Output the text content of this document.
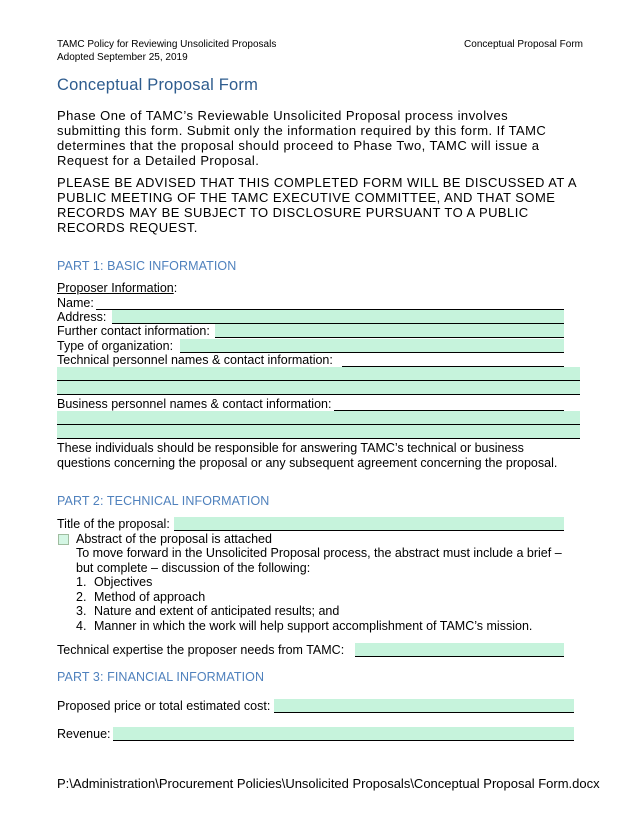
TAMC Policy for Reviewing Unsolicited Proposals
Adopted September 25, 2019
Conceptual Proposal Form
Conceptual Proposal Form
Phase One of TAMC’s Reviewable Unsolicited Proposal process involves submitting this form. Submit only the information required by this form. If TAMC determines that the proposal should proceed to Phase Two, TAMC will issue a Request for a Detailed Proposal.
PLEASE BE ADVISED THAT THIS COMPLETED FORM WILL BE DISCUSSED AT A PUBLIC MEETING OF THE TAMC EXECUTIVE COMMITTEE, AND THAT SOME RECORDS MAY BE SUBJECT TO DISCLOSURE PURSUANT TO A PUBLIC RECORDS REQUEST.
PART 1: BASIC INFORMATION
Proposer Information:
Name:
Address:
Further contact information:
Type of organization:
Technical personnel names & contact information:
Business personnel names & contact information:
These individuals should be responsible for answering TAMC’s technical or business questions concerning the proposal or any subsequent agreement concerning the proposal.
PART 2: TECHNICAL INFORMATION
Title of the proposal:
Abstract of the proposal is attached
To move forward in the Unsolicited Proposal process, the abstract must include a brief – but complete – discussion of the following:
1. Objectives
2. Method of approach
3. Nature and extent of anticipated results; and
4. Manner in which the work will help support accomplishment of TAMC’s mission.
Technical expertise the proposer needs from TAMC:
PART 3: FINANCIAL INFORMATION
Proposed price or total estimated cost:
Revenue:
P:\Administration\Procurement Policies\Unsolicited Proposals\Conceptual Proposal Form.docx
